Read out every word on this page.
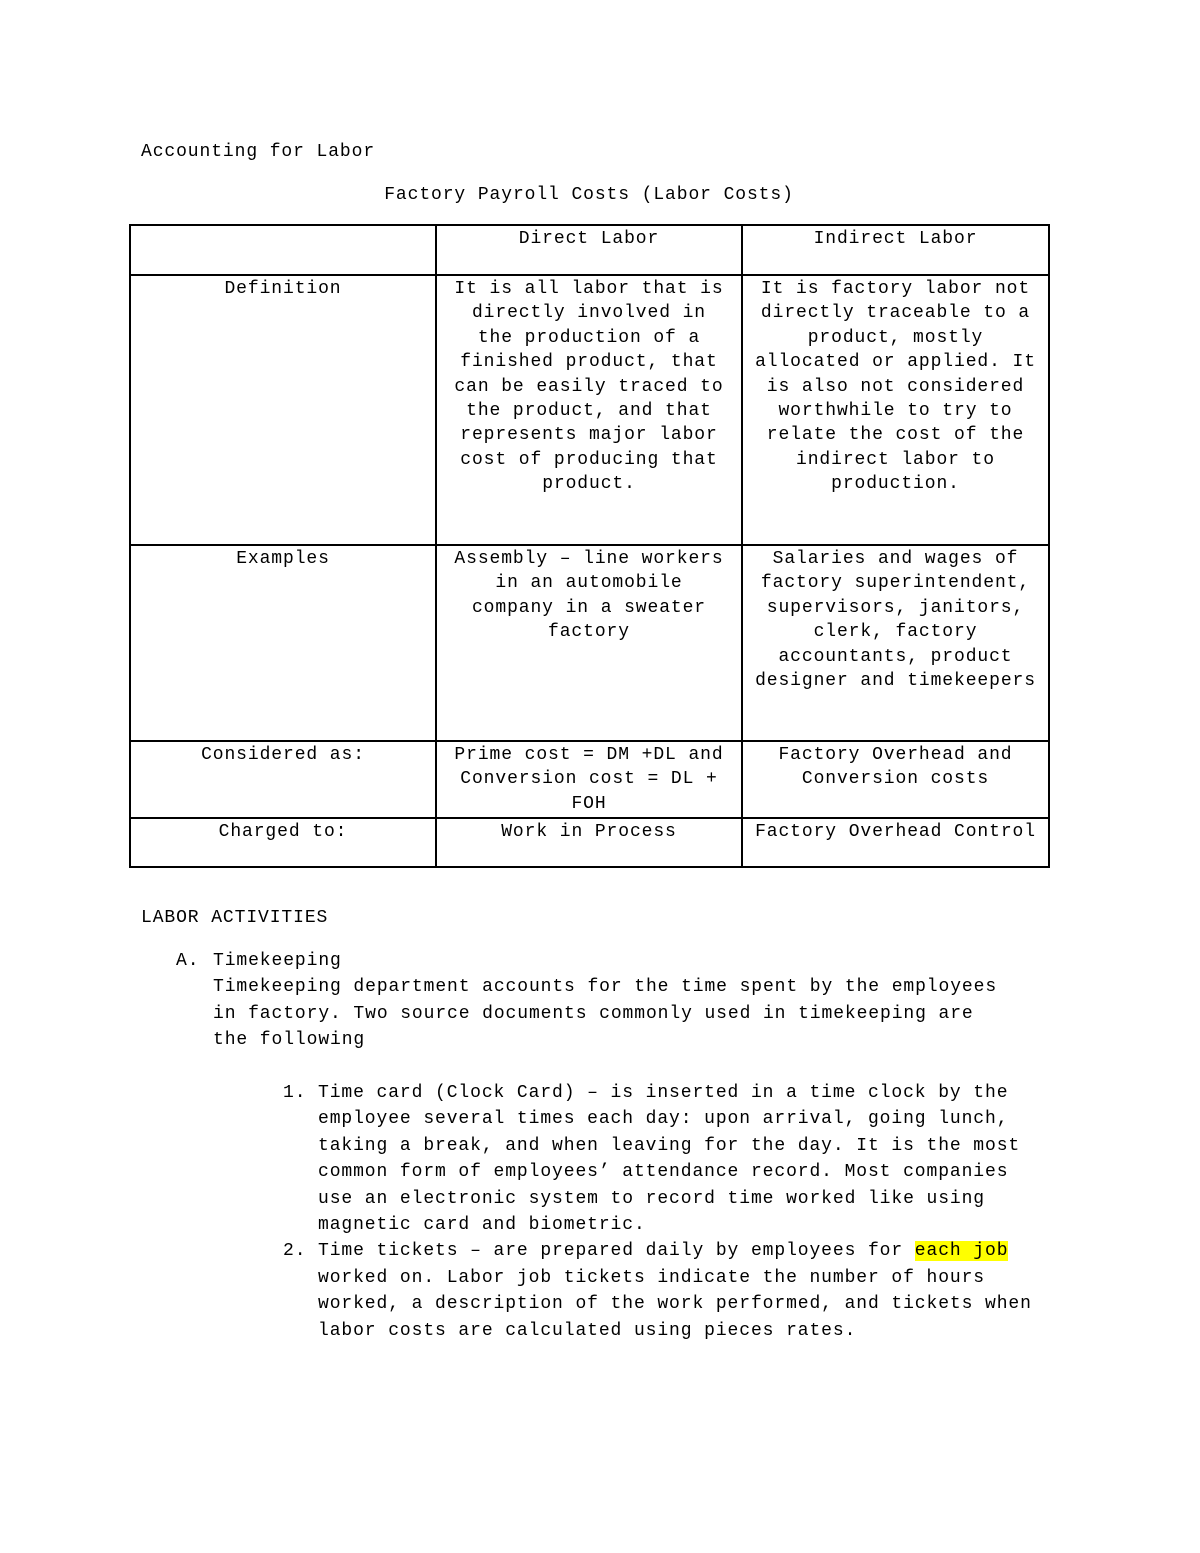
Accounting for Labor
Factory Payroll Costs (Labor Costs)
	Direct Labor	Indirect Labor
Definition	It is all labor that is directly involved in the production of a finished product, that can be easily traced to the product, and that represents major labor cost of producing that product.	It is factory labor not directly traceable to a product, mostly allocated or applied. It is also not considered worthwhile to try to relate the cost of the indirect labor to production.
Examples	Assembly – line workers in an automobile company in a sweater factory	Salaries and wages of factory superintendent, supervisors, janitors, clerk, factory accountants, product designer and timekeepers
Considered as:	Prime cost = DM +DL and Conversion cost = DL + FOH	Factory Overhead and Conversion costs
Charged to:	Work in Process	Factory Overhead Control
LABOR ACTIVITIES
A. Timekeeping
Timekeeping department accounts for the time spent by the employees in factory. Two source documents commonly used in timekeeping are the following
1. Time card (Clock Card) – is inserted in a time clock by the employee several times each day: upon arrival, going lunch, taking a break, and when leaving for the day. It is the most common form of employees’ attendance record. Most companies use an electronic system to record time worked like using magnetic card and biometric.
2. Time tickets – are prepared daily by employees for each job worked on. Labor job tickets indicate the number of hours worked, a description of the work performed, and tickets when labor costs are calculated using pieces rates.
